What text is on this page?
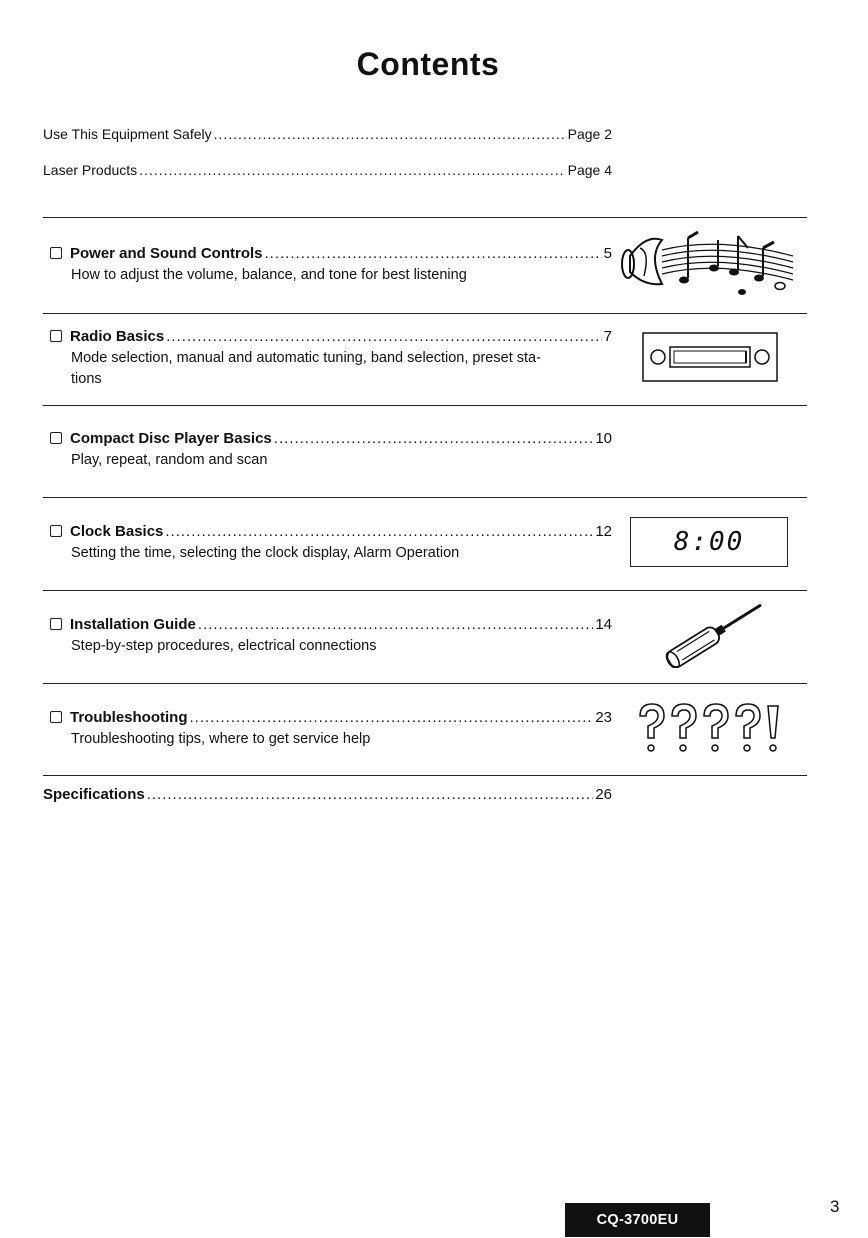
Contents
Use This Equipment Safely .....	Page 2
Laser Products .....	Page 4
Power and Sound Controls .....	5
How to adjust the volume, balance, and tone for best listening
Radio Basics .....	7
Mode selection, manual and automatic tuning, band selection, preset sta-
tions
Compact Disc Player Basics .....	10
Play, repeat, random and scan
Clock Basics .....	12
Setting the time, selecting the clock display, Alarm Operation	8:00
Installation Guide .....	14
Step-by-step procedures, electrical connections
Troubleshooting .....	23
Troubleshooting tips, where to get service help
Specifications .....	26
CQ-3700EU
3
